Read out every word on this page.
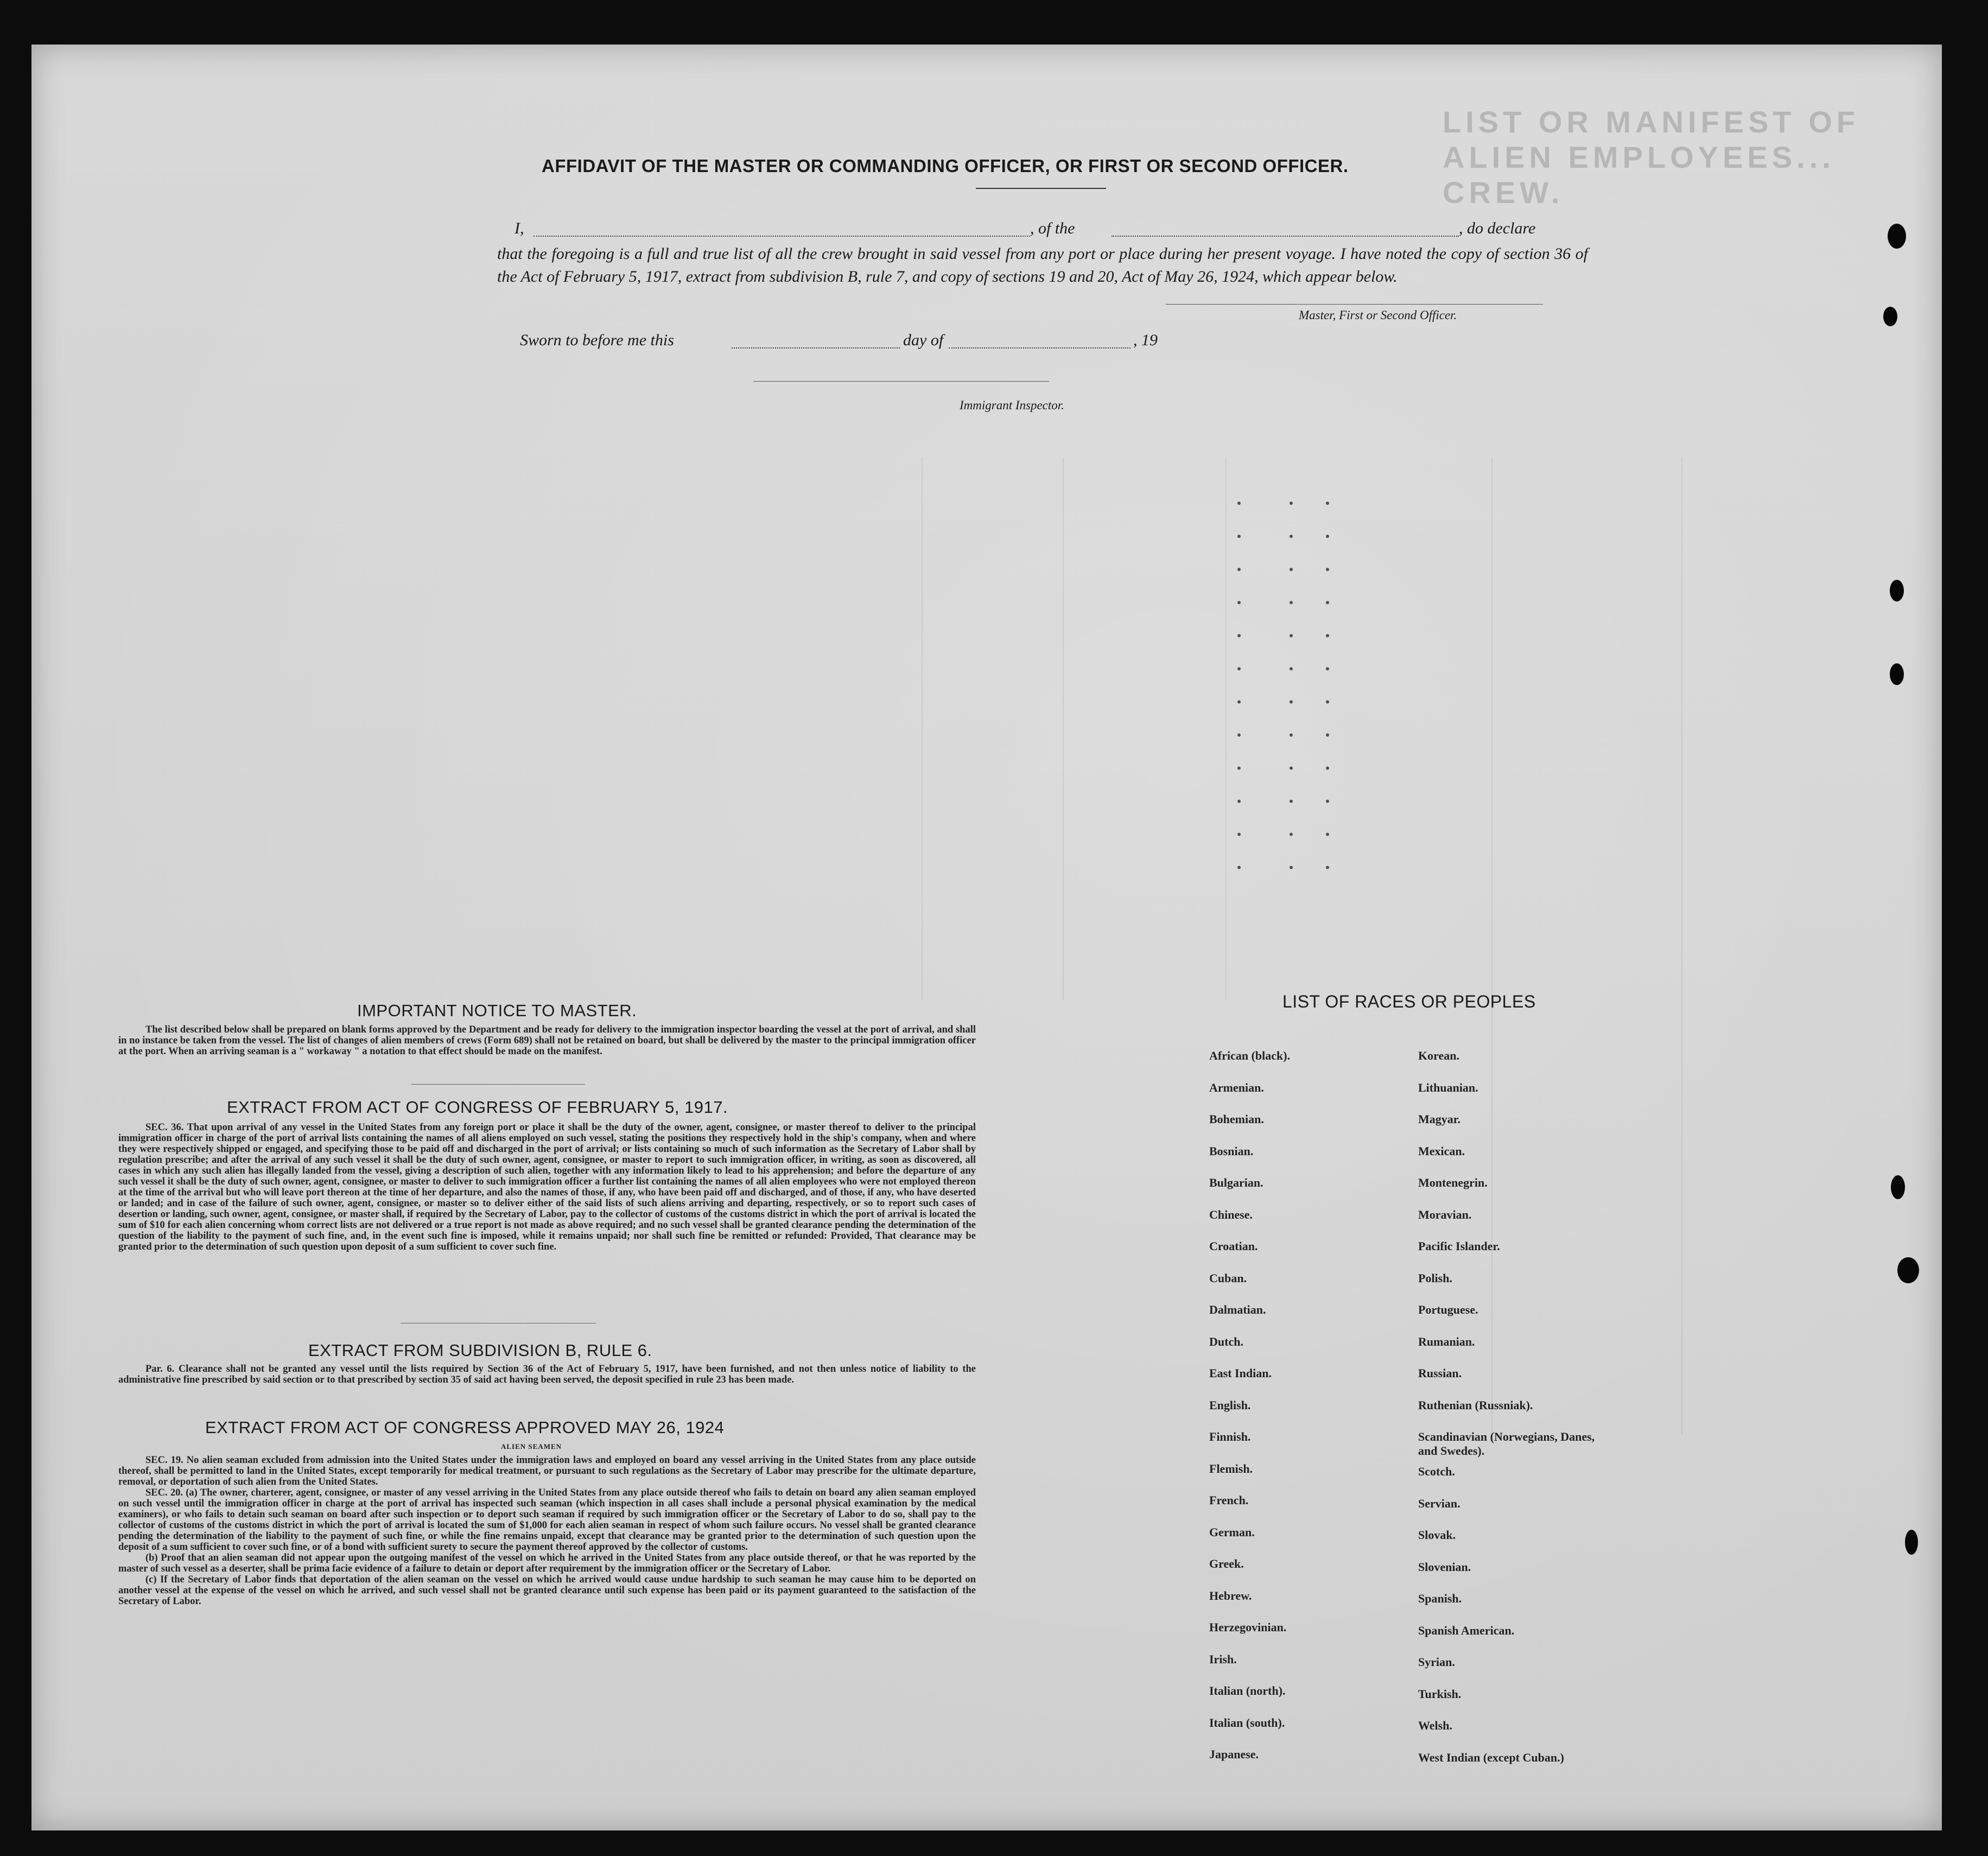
LIST OR MANIFEST OF ALIEN EMPLOYEES... CREW.
AFFIDAVIT OF THE MASTER OR COMMANDING OFFICER, OR FIRST OR SECOND OFFICER.
I,	, of the	, do declare
that the foregoing is a full and true list of all the crew brought in said vessel from any port or place during her present voyage. I have noted the copy of section 36 of the Act of February 5, 1917, extract from subdivision B, rule 7, and copy of sections 19 and 20, Act of May 26, 1924, which appear below.
Master, First or Second Officer.
Sworn to before me this	day of	, 19
Immigrant Inspector.
IMPORTANT NOTICE TO MASTER.

The list described below shall be prepared on blank forms approved by the Department and be ready for delivery to the immigration inspector boarding the vessel at the port of arrival, and shall in no instance be taken from the vessel. The list of changes of alien members of crews (Form 689) shall not be retained on board, but shall be delivered by the master to the principal immigration officer at the port. When an arriving seaman is a " workaway " a notation to that effect should be made on the manifest.

EXTRACT FROM ACT OF CONGRESS OF FEBRUARY 5, 1917.

SEC. 36. That upon arrival of any vessel in the United States from any foreign port or place it shall be the duty of the owner, agent, consignee, or master thereof to deliver to the principal immigration officer in charge of the port of arrival lists containing the names of all aliens employed on such vessel, stating the positions they respectively hold in the ship's company, when and where they were respectively shipped or engaged, and specifying those to be paid off and discharged in the port of arrival; or lists containing so much of such information as the Secretary of Labor shall by regulation prescribe; and after the arrival of any such vessel it shall be the duty of such owner, agent, consignee, or master to report to such immigration officer, in writing, as soon as discovered, all cases in which any such alien has illegally landed from the vessel, giving a description of such alien, together with any information likely to lead to his apprehension; and before the departure of any such vessel it shall be the duty of such owner, agent, consignee, or master to deliver to such immigration officer a further list containing the names of all alien employees who were not employed thereon at the time of the arrival but who will leave port thereon at the time of her departure, and also the names of those, if any, who have been paid off and discharged, and of those, if any, who have deserted or landed; and in case of the failure of such owner, agent, consignee, or master so to deliver either of the said lists of such aliens arriving and departing, respectively, or so to report such cases of desertion or landing, such owner, agent, consignee, or master shall, if required by the Secretary of Labor, pay to the collector of customs of the customs district in which the port of arrival is located the sum of $10 for each alien concerning whom correct lists are not delivered or a true report is not made as above required; and no such vessel shall be granted clearance pending the determination of the question of the liability to the payment of such fine, and, in the event such fine is imposed, while it remains unpaid; nor shall such fine be remitted or refunded: Provided, That clearance may be granted prior to the determination of such question upon deposit of a sum sufficient to cover such fine.

EXTRACT FROM SUBDIVISION B, RULE 6.

Par. 6. Clearance shall not be granted any vessel until the lists required by Section 36 of the Act of February 5, 1917, have been furnished, and not then unless notice of liability to the administrative fine prescribed by said section or to that prescribed by section 35 of said act having been served, the deposit specified in rule 23 has been made.

EXTRACT FROM ACT OF CONGRESS APPROVED MAY 26, 1924
ALIEN SEAMEN

SEC. 19. No alien seaman excluded from admission into the United States under the immigration laws and employed on board any vessel arriving in the United States from any place outside thereof, shall be permitted to land in the United States, except temporarily for medical treatment, or pursuant to such regulations as the Secretary of Labor may prescribe for the ultimate departure, removal, or deportation of such alien from the United States.

SEC. 20. (a) The owner, charterer, agent, consignee, or master of any vessel arriving in the United States from any place outside thereof who fails to detain on board any alien seaman employed on such vessel until the immigration officer in charge at the port of arrival has inspected such seaman (which inspection in all cases shall include a personal physical examination by the medical examiners), or who fails to detain such seaman on board after such inspection or to deport such seaman if required by such immigration officer or the Secretary of Labor to do so, shall pay to the collector of customs of the customs district in which the port of arrival is located the sum of $1,000 for each alien seaman in respect of whom such failure occurs. No vessel shall be granted clearance pending the determination of the liability to the payment of such fine, or while the fine remains unpaid, except that clearance may be granted prior to the determination of such question upon the deposit of a sum sufficient to cover such fine, or of a bond with sufficient surety to secure the payment thereof approved by the collector of customs.

(b) Proof that an alien seaman did not appear upon the outgoing manifest of the vessel on which he arrived in the United States from any place outside thereof, or that he was reported by the master of such vessel as a deserter, shall be prima facie evidence of a failure to detain or deport after requirement by the immigration officer or the Secretary of Labor.

(c) If the Secretary of Labor finds that deportation of the alien seaman on the vessel on which he arrived would cause undue hardship to such seaman he may cause him to be deported on another vessel at the expense of the vessel on which he arrived, and such vessel shall not be granted clearance until such expense has been paid or its payment guaranteed to the satisfaction of the Secretary of Labor.

LIST OF RACES OR PEOPLES
African (black).
Armenian.
Bohemian.
Bosnian.
Bulgarian.
Chinese.
Croatian.
Cuban.
Dalmatian.
Dutch.
East Indian.
English.
Finnish.
Flemish.
French.
German.
Greek.
Hebrew.
Herzegovinian.
Irish.
Italian (north).
Italian (south).
Japanese.
Korean.
Lithuanian.
Magyar.
Mexican.
Montenegrin.
Moravian.
Pacific Islander.
Polish.
Portuguese.
Rumanian.
Russian.
Ruthenian (Russniak).
Scandinavian (Norwegians, Danes, and Swedes).
Scotch.
Servian.
Slovak.
Slovenian.
Spanish.
Spanish American.
Syrian.
Turkish.
Welsh.
West Indian (except Cuban.)
